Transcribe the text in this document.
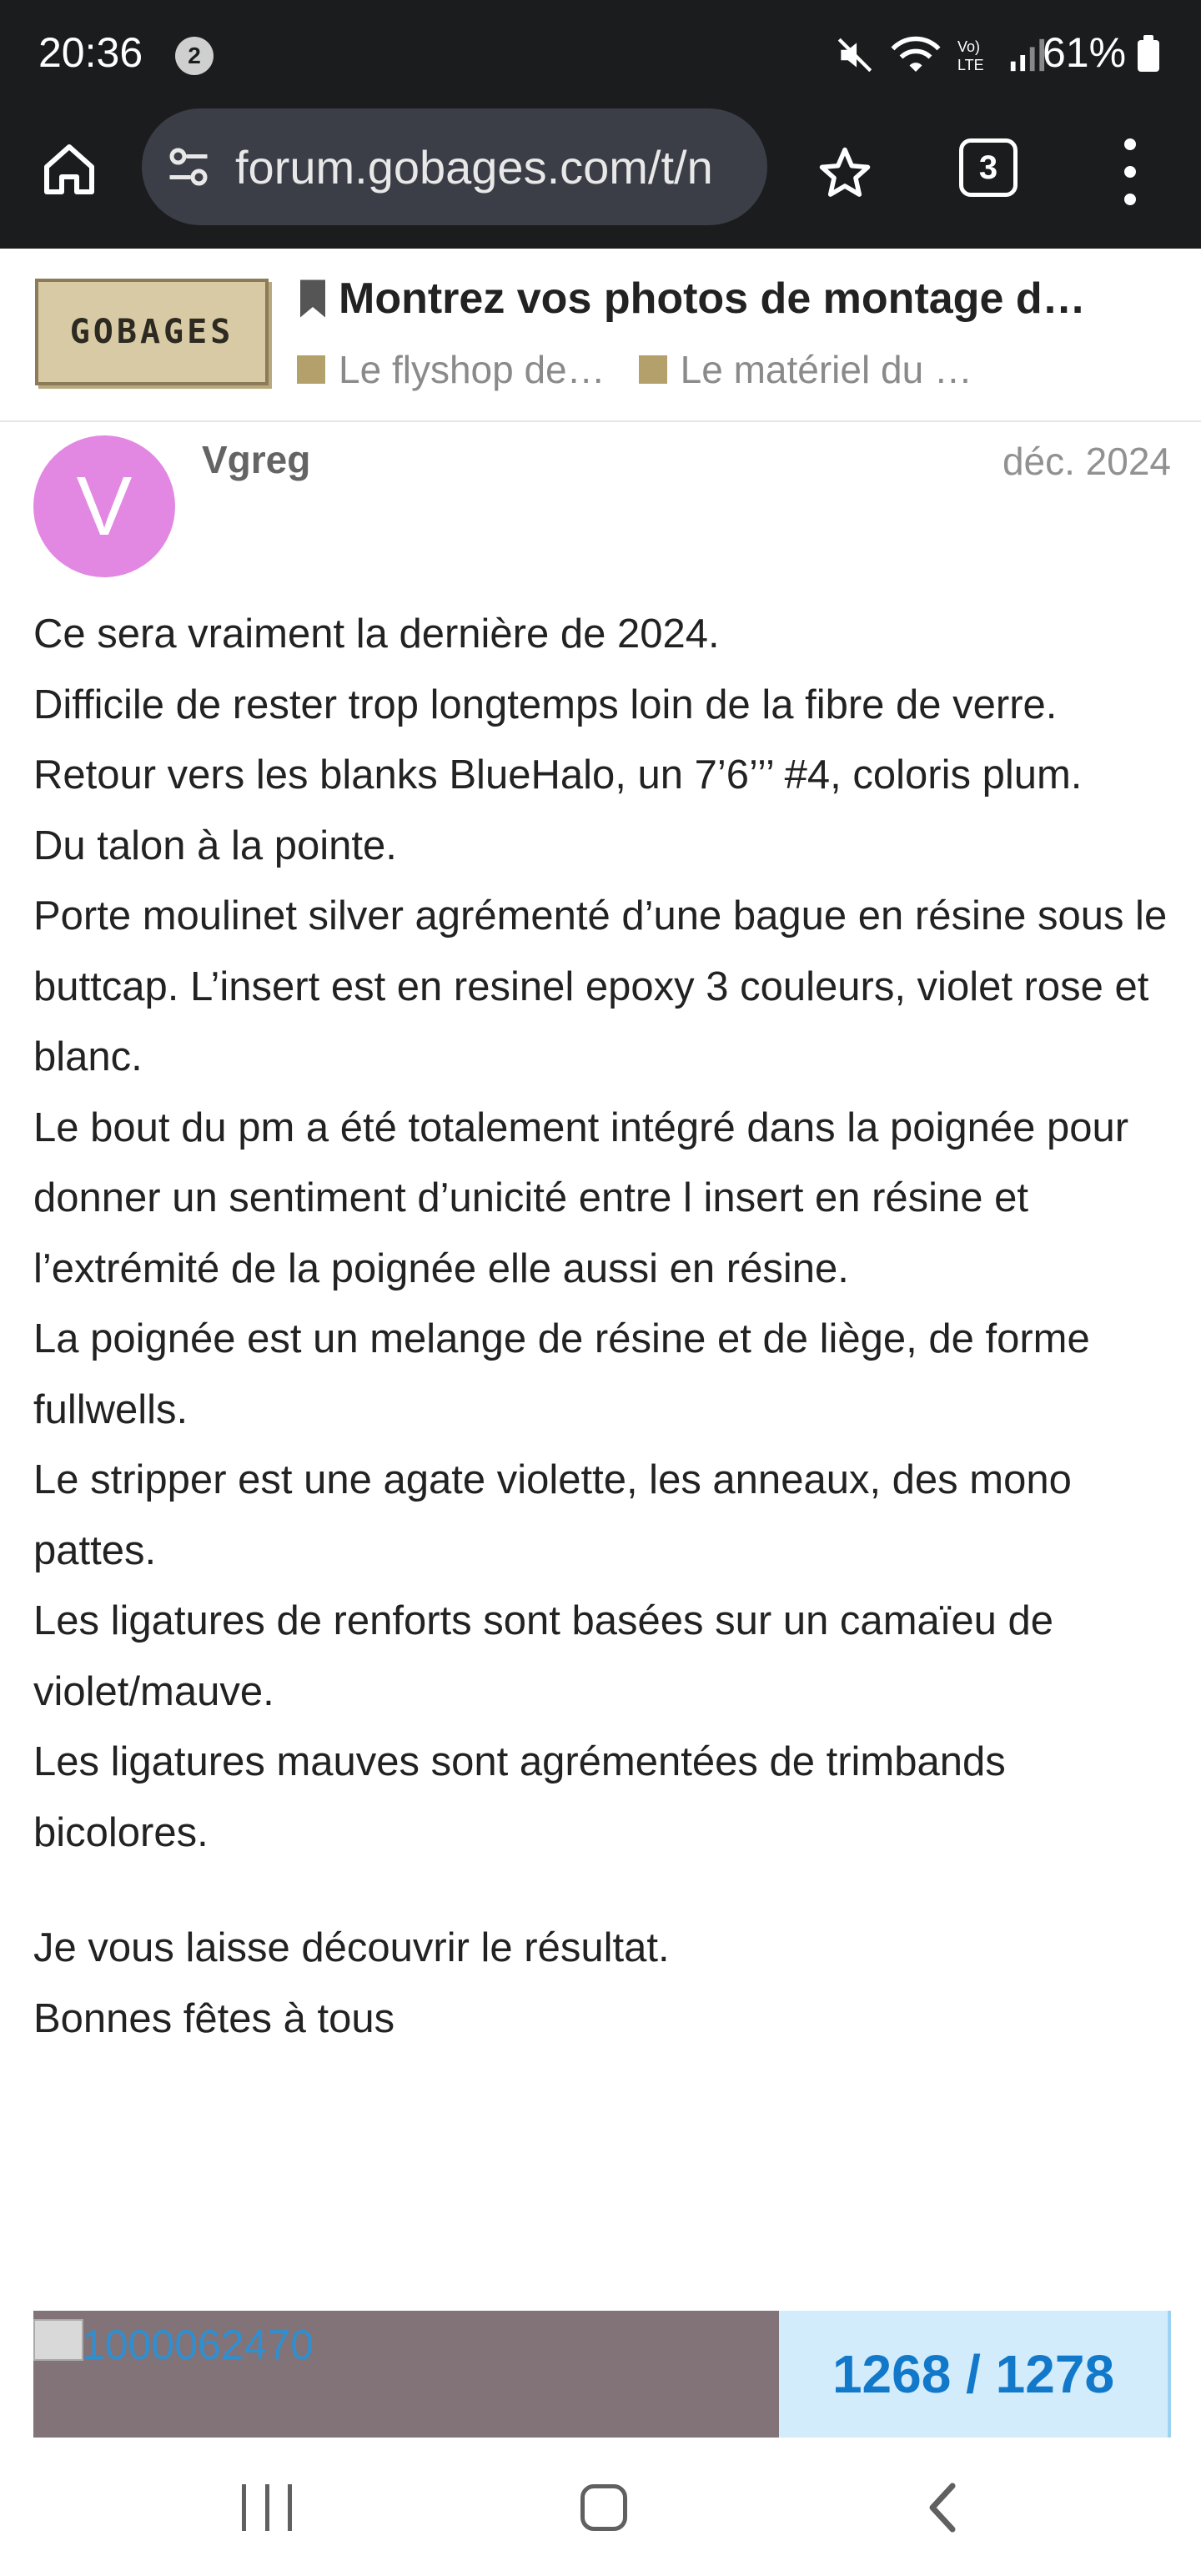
20:36	2	Vo)
LTE 61%
forum.gobages.com/t/n	3
GOBAGES
Montrez vos photos de montage d…
Le flyshop de… Le matériel du …
V	Vgreg	déc. 2024

Ce sera vraiment la dernière de 2024.

Difficile de rester trop longtemps loin de la fibre de verre.

Retour vers les blanks BlueHalo, un 7’6’’’ #4, coloris plum.

Du talon à la pointe.

Porte moulinet silver agrémenté d’une bague en résine sous le buttcap. L’insert est en resinel epoxy 3 couleurs, violet rose et blanc.

Le bout du pm a été totalement intégré dans la poignée pour donner un sentiment d’unicité entre l insert en résine et l’extrémité de la poignée elle aussi en résine.

La poignée est un melange de résine et de liège, de forme fullwells.

Le stripper est une agate violette, les anneaux, des mono pattes.

Les ligatures de renforts sont basées sur un camaïeu de violet/mauve.

Les ligatures mauves sont agrémentées de trimbands bicolores.

Je vous laisse découvrir le résultat.

Bonnes fêtes à tous

1000062470	1268 / 1278
